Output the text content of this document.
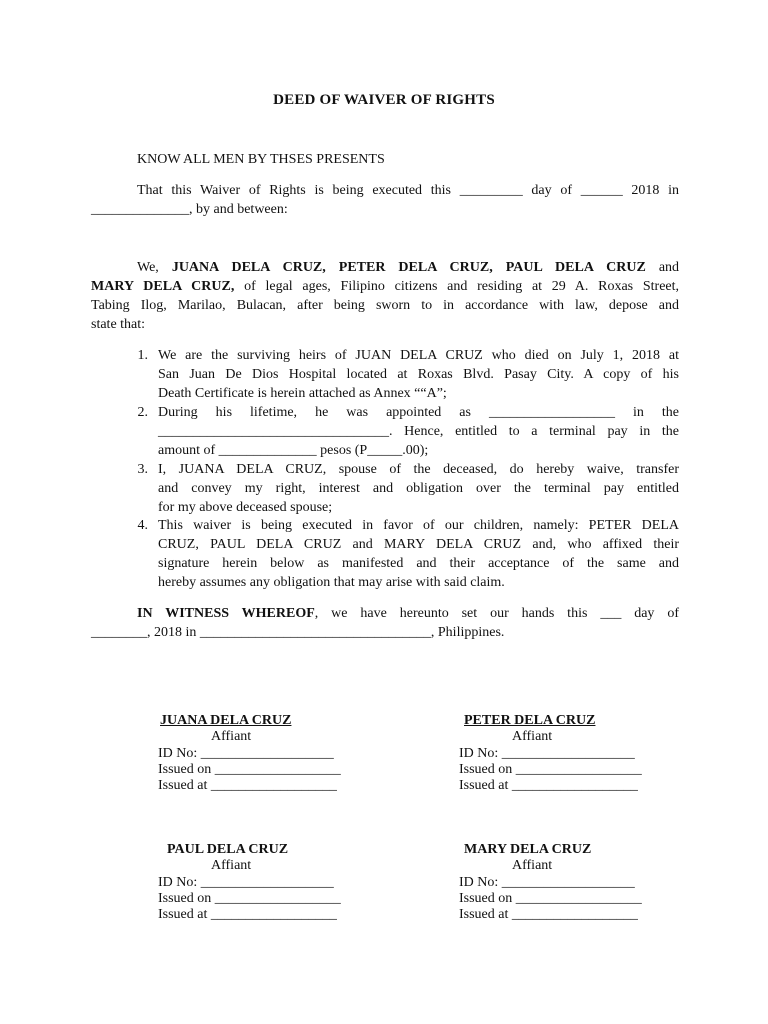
DEED OF WAIVER OF RIGHTS
KNOW ALL MEN BY THSES PRESENTS
That this Waiver of Rights is being executed this _________ day of ______ 2018 in
______________, by and between:
We, JUANA DELA CRUZ, PETER DELA CRUZ, PAUL DELA CRUZ and
MARY DELA CRUZ, of legal ages, Filipino citizens and residing at 29 A. Roxas Street,
Tabing Ilog, Marilao, Bulacan, after being sworn to in accordance with law, depose and
state that:
1. We are the surviving heirs of JUAN DELA CRUZ who died on July 1, 2018 at
San Juan De Dios Hospital located at Roxas Blvd. Pasay City. A copy of his
Death Certificate is herein attached as Annex ““A”;
2. During his lifetime, he was appointed as __________________ in the
_________________________________. Hence, entitled to a terminal pay in the
amount of ______________ pesos (P_____.00);
3. I, JUANA DELA CRUZ, spouse of the deceased, do hereby waive, transfer
and convey my right, interest and obligation over the terminal pay entitled
for my above deceased spouse;
4. This waiver is being executed in favor of our children, namely: PETER DELA
CRUZ, PAUL DELA CRUZ and MARY DELA CRUZ and, who affixed their
signature herein below as manifested and their acceptance of the same and
hereby assumes any obligation that may arise with said claim.
IN WITNESS WHEREOF, we have hereunto set our hands this ___ day of
________, 2018 in _________________________________, Philippines.
JUANA DELA CRUZ
Affiant
ID No: ___________________
Issued on __________________
Issued at __________________
PETER DELA CRUZ
Affiant
ID No: ___________________
Issued on __________________
Issued at __________________
PAUL DELA CRUZ
Affiant
ID No: ___________________
Issued on __________________
Issued at __________________
MARY DELA CRUZ
Affiant
ID No: ___________________
Issued on __________________
Issued at __________________
